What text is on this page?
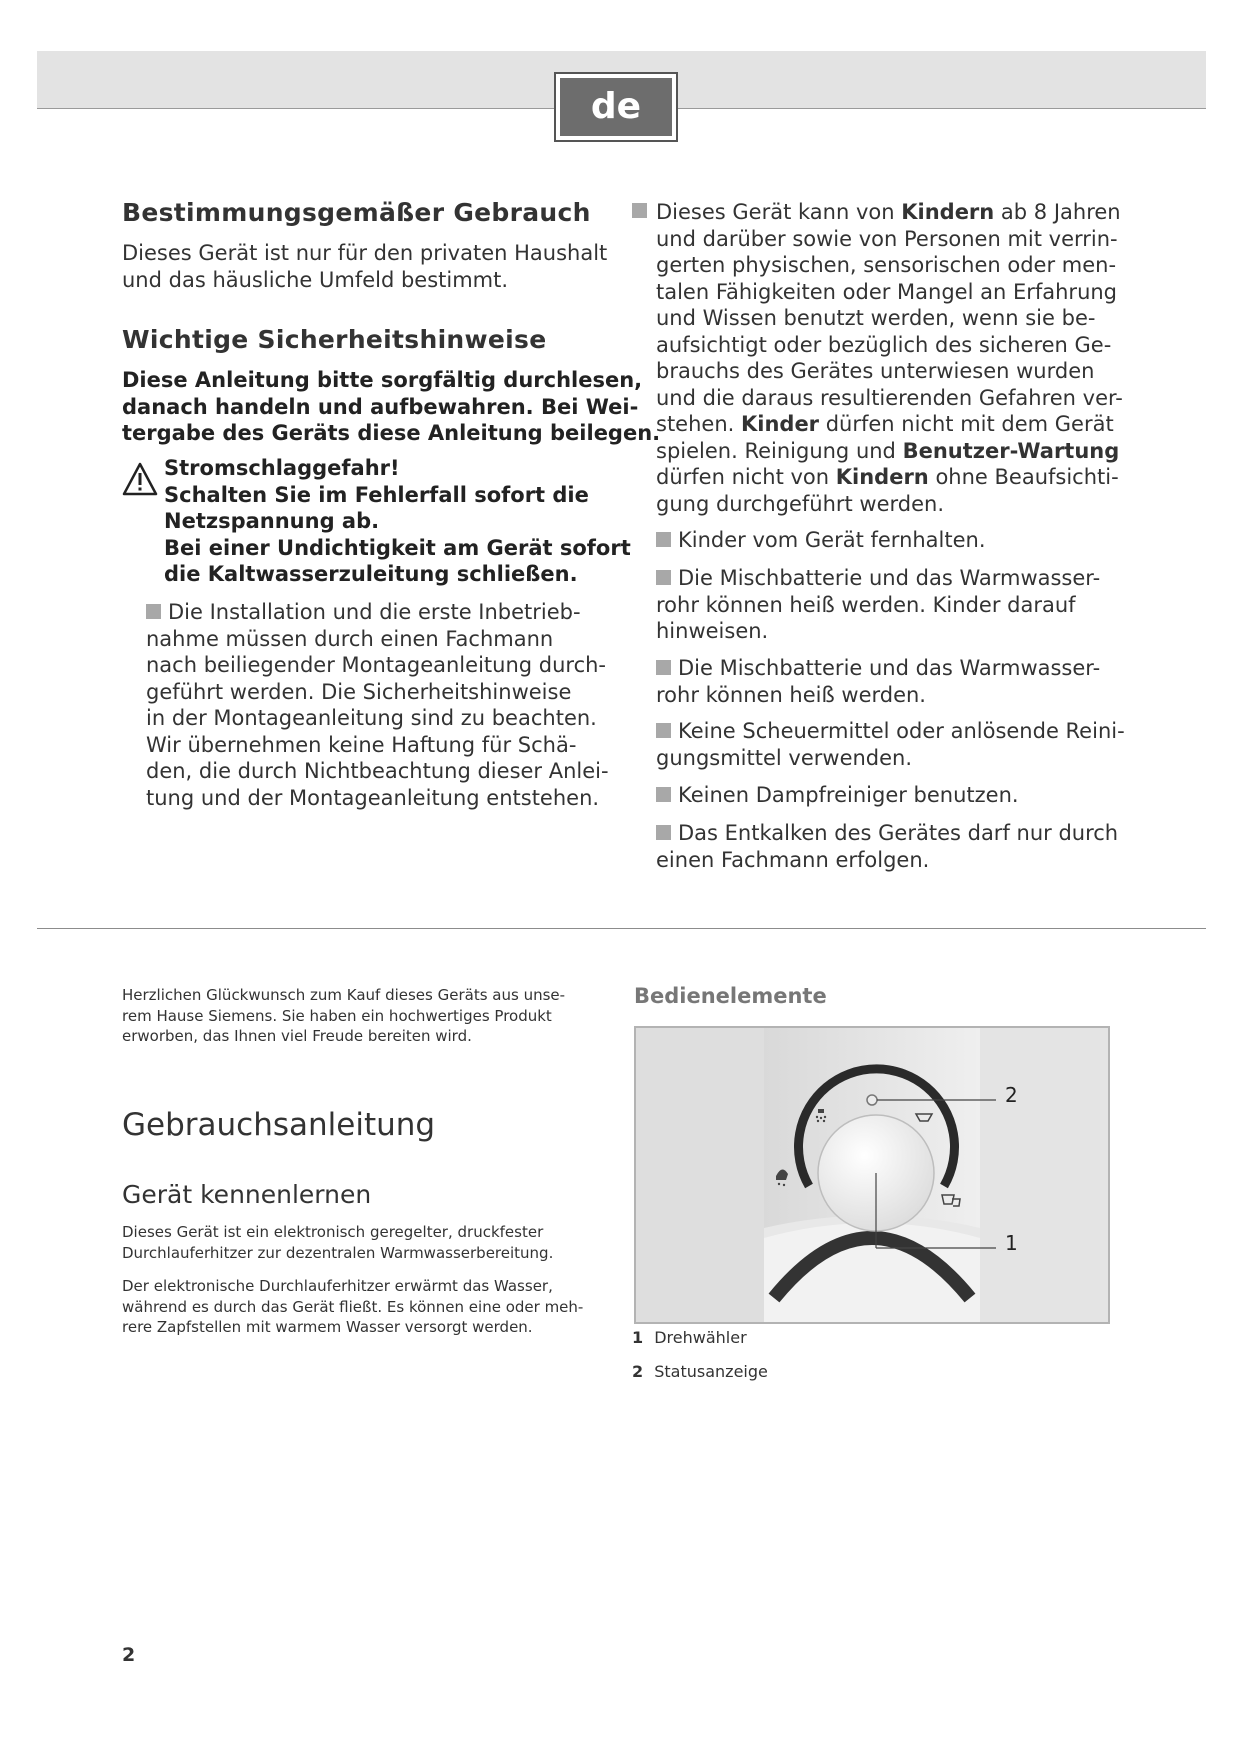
de
Bestimmungsgemäßer Gebrauch
Dieses Gerät ist nur für den privaten Haushalt
und das häusliche Umfeld bestimmt.
Wichtige Sicherheitshinweise
Diese Anleitung bitte sorgfältig durchlesen,
danach handeln und aufbewahren. Bei Wei-
tergabe des Geräts diese Anleitung beilegen.
Stromschlaggefahr!
Schalten Sie im Fehlerfall sofort die
Netzspannung ab.
Bei einer Undichtigkeit am Gerät sofort
die Kaltwasserzuleitung schließen.
Die Installation und die erste Inbetrieb-
nahme müssen durch einen Fachmann
nach beiliegender Montageanleitung durch-
geführt werden. Die Sicherheitshinweise
in der Montageanleitung sind zu beachten.
Wir übernehmen keine Haftung für Schä-
den, die durch Nichtbeachtung dieser Anlei-
tung und der Montageanleitung entstehen.
Dieses Gerät kann von Kindern ab 8 Jahren
und darüber sowie von Personen mit verrin-
gerten physischen, sensorischen oder men-
talen Fähigkeiten oder Mangel an Erfahrung
und Wissen benutzt werden, wenn sie be-
aufsichtigt oder bezüglich des sicheren Ge-
brauchs des Gerätes unterwiesen wurden
und die daraus resultierenden Gefahren ver-
stehen. Kinder dürfen nicht mit dem Gerät
spielen. Reinigung und Benutzer-Wartung
dürfen nicht von Kindern ohne Beaufsichti-
gung durchgeführt werden.
Kinder vom Gerät fernhalten.
Die Mischbatterie und das Warmwasser-
rohr können heiß werden. Kinder darauf
hinweisen.
Die Mischbatterie und das Warmwasser-
rohr können heiß werden.
Keine Scheuermittel oder anlösende Reini-
gungsmittel verwenden.
Keinen Dampfreiniger benutzen.
Das Entkalken des Gerätes darf nur durch
einen Fachmann erfolgen.
Herzlichen Glückwunsch zum Kauf dieses Geräts aus unse-
rem Hause Siemens. Sie haben ein hochwertiges Produkt
erworben, das Ihnen viel Freude bereiten wird.
Gebrauchsanleitung
Gerät kennenlernen
Dieses Gerät ist ein elektronisch geregelter, druckfester
Durchlauferhitzer zur dezentralen Warmwasserbereitung.
Der elektronische Durchlauferhitzer erwärmt das Wasser,
während es durch das Gerät fließt. Es können eine oder meh-
rere Zapfstellen mit warmem Wasser versorgt werden.
Bedienelemente
2
1
1 Drehwähler
2 Statusanzeige
2
